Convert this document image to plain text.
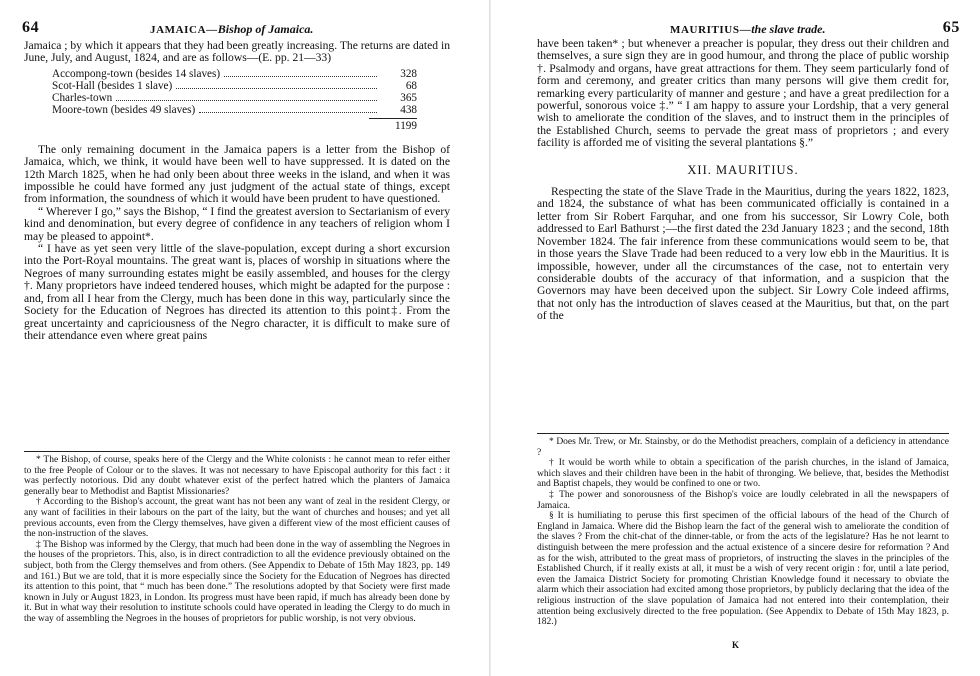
64	JAMAICA—Bishop of Jamaica.

Jamaica ; by which it appears that they had been greatly increasing. The returns are dated in June, July, and August, 1824, and are as follows—(E. pp. 21—33)

Accompong-town (besides 14 slaves)	328
Scot-Hall (besides 1 slave)	68
Charles-town	365
Moore-town (besides 49 slaves)	438
1199

The only remaining document in the Jamaica papers is a letter from the Bishop of Jamaica, which, we think, it would have been well to have suppressed. It is dated on the 12th March 1825, when he had only been about three weeks in the island, and when it was impossible he could have formed any just judgment of the actual state of things, except from information, the soundness of which it would have been prudent to have questioned.

“ Wherever I go,” says the Bishop, “ I find the greatest aversion to Sectarianism of every kind and denomination, but every degree of confidence in any teachers of religion whom I may be pleased to appoint*.

“ I have as yet seen very little of the slave-population, except during a short excursion into the Port-Royal mountains. The great want is, places of worship in situations where the Negroes of many surrounding estates might be easily assembled, and houses for the clergy †. Many proprietors have indeed tendered houses, which might be adapted for the purpose : and, from all I hear from the Clergy, much has been done in this way, particularly since the Society for the Education of Negroes has directed its attention to this point‡. From the great uncertainty and capriciousness of the Negro character, it is difficult to make sure of their attendance even where great pains

* The Bishop, of course, speaks here of the Clergy and the White colonists : he cannot mean to refer either to the free People of Colour or to the slaves. It was not necessary to have Episcopal authority for this fact : it was perfectly notorious. Did any doubt whatever exist of the perfect hatred which the planters of Jamaica generally bear to Methodist and Baptist Missionaries?

† According to the Bishop's account, the great want has not been any want of zeal in the resident Clergy, or any want of facilities in their labours on the part of the laity, but the want of churches and houses; and yet all previous accounts, even from the Clergy themselves, have given a different view of the most efficient causes of the non-instruction of the slaves.

‡ The Bishop was informed by the Clergy, that much had been done in the way of assembling the Negroes in the houses of the proprietors. This, also, is in direct contradiction to all the evidence previously obtained on the subject, both from the Clergy themselves and from others. (See Appendix to Debate of 15th May 1823, pp. 149 and 161.) But we are told, that it is more especially since the Society for the Education of Negroes has directed its attention to this point, that “ much has been done.” The resolutions adopted by that Society were first made known in July or August 1823, in London. Its progress must have been rapid, if much has already been done by it. But in what way their resolution to institute schools could have operated in leading the Clergy to do much in the way of assembling the Negroes in the houses of proprietors for public worship, is not very obvious.

MAURITIUS—the slave trade.	65

have been taken* ; but whenever a preacher is popular, they dress out their children and themselves, a sure sign they are in good humour, and throng the place of public worship †. Psalmody and organs, have great attractions for them. They seem particularly fond of form and ceremony, and greater critics than many persons will give them credit for, remarking every particularity of manner and gesture ; and have a great predilection for a powerful, sonorous voice ‡.” “ I am happy to assure your Lordship, that a very general wish to ameliorate the condition of the slaves, and to instruct them in the principles of the Established Church, seems to pervade the great mass of proprietors ; and every facility is afforded me of visiting the several plantations §.”

XII. MAURITIUS.

Respecting the state of the Slave Trade in the Mauritius, during the years 1822, 1823, and 1824, the substance of what has been communicated officially is contained in a letter from Sir Robert Farquhar, and one from his successor, Sir Lowry Cole, both addressed to Earl Bathurst ;—the first dated the 23d January 1823 ; and the second, 18th November 1824. The fair inference from these communications would seem to be, that in those years the Slave Trade had been reduced to a very low ebb in the Mauritius. It is impossible, however, under all the circumstances of the case, not to entertain very considerable doubts of the accuracy of that information, and a suspicion that the Governors may have been deceived upon the subject. Sir Lowry Cole indeed affirms, that not only has the introduction of slaves ceased at the Mauritius, but that, on the part of the

* Does Mr. Trew, or Mr. Stainsby, or do the Methodist preachers, complain of a deficiency in attendance ?

† It would be worth while to obtain a specification of the parish churches, in the island of Jamaica, which slaves and their children have been in the habit of thronging. We believe, that, besides the Methodist and Baptist chapels, they would be confined to one or two.

‡ The power and sonorousness of the Bishop's voice are loudly celebrated in all the newspapers of Jamaica.

§ It is humiliating to peruse this first specimen of the official labours of the head of the Church of England in Jamaica. Where did the Bishop learn the fact of the general wish to ameliorate the condition of the slaves ? From the chit-chat of the dinner-table, or from the acts of the legislature? Has he not learnt to distinguish between the mere profession and the actual existence of a sincere desire for reformation ? And as for the wish, attributed to the great mass of proprietors, of instructing the slaves in the principles of the Established Church, if it really exists at all, it must be a wish of very recent origin : for, until a late period, even the Jamaica District Society for promoting Christian Knowledge found it necessary to obviate the alarm which their association had excited among those proprietors, by publicly declaring that the idea of the religious instruction of the slave population of Jamaica had not entered into their contemplation, their attention being exclusively directed to the free population. (See Appendix to Debate of 15th May 1823, p. 182.)

K
